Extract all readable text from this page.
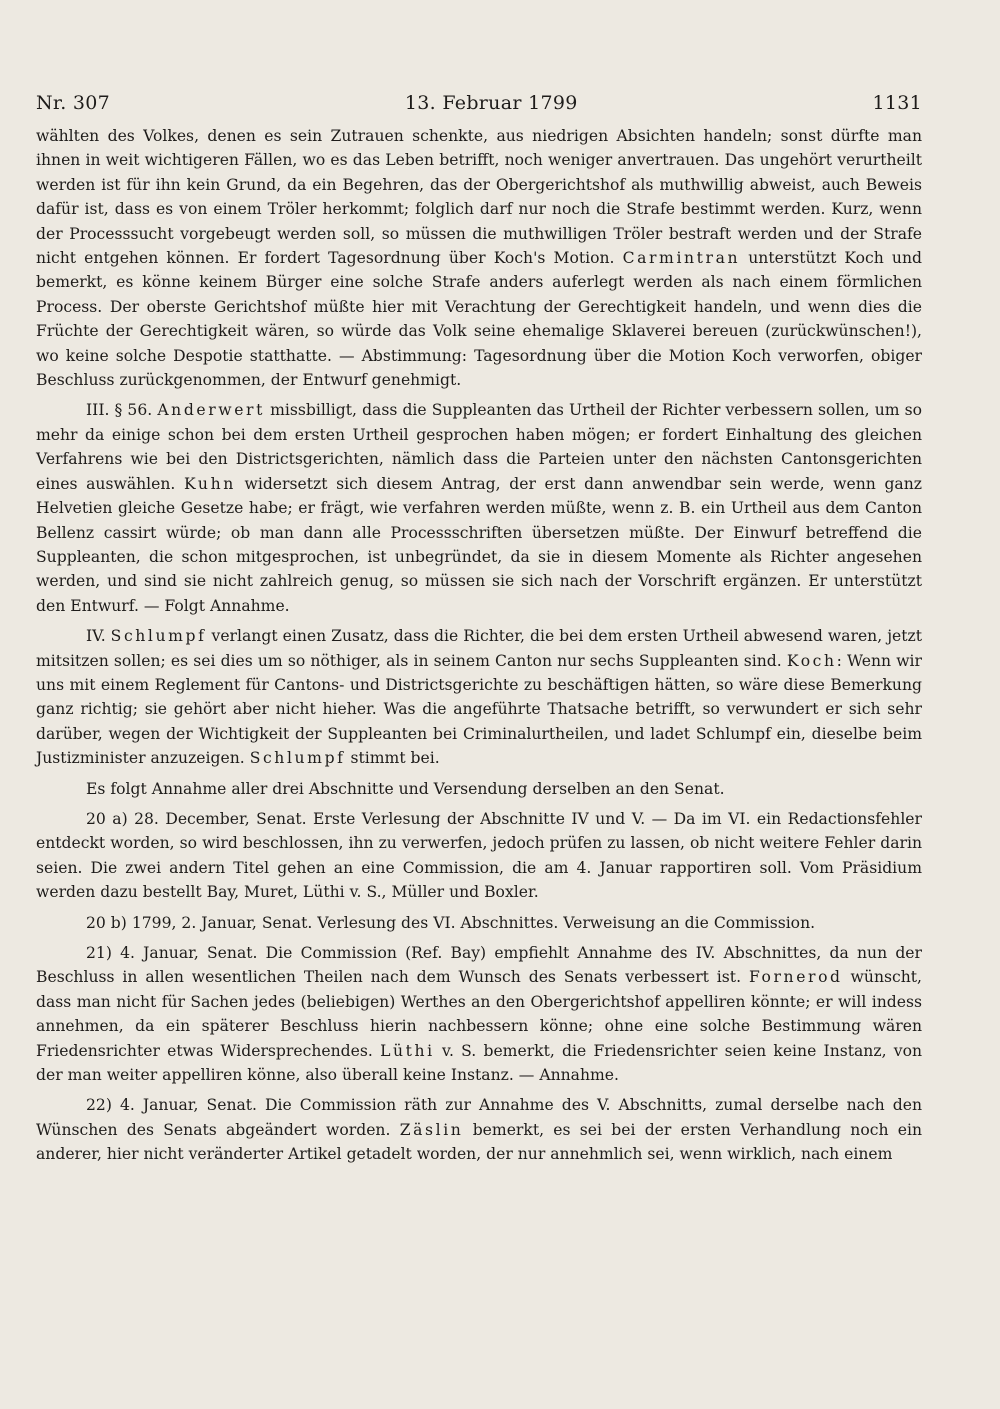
Nr. 307	13. Februar 1799	1131

wählten des Volkes, denen es sein Zutrauen schenkte, aus niedrigen Absichten handeln; sonst dürfte man ihnen in weit wichtigeren Fällen, wo es das Leben betrifft, noch weniger anvertrauen. Das ungehört verurtheilt werden ist für ihn kein Grund, da ein Begehren, das der Obergerichtshof als muthwillig abweist, auch Beweis dafür ist, dass es von einem Tröler herkommt; folglich darf nur noch die Strafe bestimmt werden. Kurz, wenn der Processsucht vorgebeugt werden soll, so müssen die muthwilligen Tröler bestraft werden und der Strafe nicht entgehen können. Er fordert Tagesordnung über Koch's Motion. Carmintran unterstützt Koch und bemerkt, es könne keinem Bürger eine solche Strafe anders auferlegt werden als nach einem förmlichen Process. Der oberste Gerichtshof müßte hier mit Verachtung der Gerechtigkeit handeln, und wenn dies die Früchte der Gerechtigkeit wären, so würde das Volk seine ehemalige Sklaverei bereuen (zurückwünschen!), wo keine solche Despotie statthatte. — Abstimmung: Tagesordnung über die Motion Koch verworfen, obiger Beschluss zurückgenommen, der Entwurf genehmigt.

III. § 56. Anderwert missbilligt, dass die Suppleanten das Urtheil der Richter verbessern sollen, um so mehr da einige schon bei dem ersten Urtheil gesprochen haben mögen; er fordert Einhaltung des gleichen Verfahrens wie bei den Districtsgerichten, nämlich dass die Parteien unter den nächsten Cantonsgerichten eines auswählen. Kuhn widersetzt sich diesem Antrag, der erst dann anwendbar sein werde, wenn ganz Helvetien gleiche Gesetze habe; er frägt, wie verfahren werden müßte, wenn z. B. ein Urtheil aus dem Canton Bellenz cassirt würde; ob man dann alle Processschriften übersetzen müßte. Der Einwurf betreffend die Suppleanten, die schon mitgesprochen, ist unbegründet, da sie in diesem Momente als Richter angesehen werden, und sind sie nicht zahlreich genug, so müssen sie sich nach der Vorschrift ergänzen. Er unterstützt den Entwurf. — Folgt Annahme.

IV. Schlumpf verlangt einen Zusatz, dass die Richter, die bei dem ersten Urtheil abwesend waren, jetzt mitsitzen sollen; es sei dies um so nöthiger, als in seinem Canton nur sechs Suppleanten sind. Koch: Wenn wir uns mit einem Reglement für Cantons- und Districtsgerichte zu beschäftigen hätten, so wäre diese Bemerkung ganz richtig; sie gehört aber nicht hieher. Was die angeführte Thatsache betrifft, so verwundert er sich sehr darüber, wegen der Wichtigkeit der Suppleanten bei Criminalurtheilen, und ladet Schlumpf ein, dieselbe beim Justizminister anzuzeigen. Schlumpf stimmt bei.

Es folgt Annahme aller drei Abschnitte und Versendung derselben an den Senat.

20 a) 28. December, Senat. Erste Verlesung der Abschnitte IV und V. — Da im VI. ein Redactionsfehler entdeckt worden, so wird beschlossen, ihn zu verwerfen, jedoch prüfen zu lassen, ob nicht weitere Fehler darin seien. Die zwei andern Titel gehen an eine Commission, die am 4. Januar rapportiren soll. Vom Präsidium werden dazu bestellt Bay, Muret, Lüthi v. S., Müller und Boxler.

20 b) 1799, 2. Januar, Senat. Verlesung des VI. Abschnittes. Verweisung an die Commission.

21) 4. Januar, Senat. Die Commission (Ref. Bay) empfiehlt Annahme des IV. Abschnittes, da nun der Beschluss in allen wesentlichen Theilen nach dem Wunsch des Senats verbessert ist. Fornerod wünscht, dass man nicht für Sachen jedes (beliebigen) Werthes an den Obergerichtshof appelliren könnte; er will indess annehmen, da ein späterer Beschluss hierin nachbessern könne; ohne eine solche Bestimmung wären Friedensrichter etwas Widersprechendes. Lüthi v. S. bemerkt, die Friedensrichter seien keine Instanz, von der man weiter appelliren könne, also überall keine Instanz. — Annahme.

22) 4. Januar, Senat. Die Commission räth zur Annahme des V. Abschnitts, zumal derselbe nach den Wünschen des Senats abgeändert worden. Zäslin bemerkt, es sei bei der ersten Verhandlung noch ein anderer, hier nicht veränderter Artikel getadelt worden, der nur annehmlich sei, wenn wirklich, nach einem
